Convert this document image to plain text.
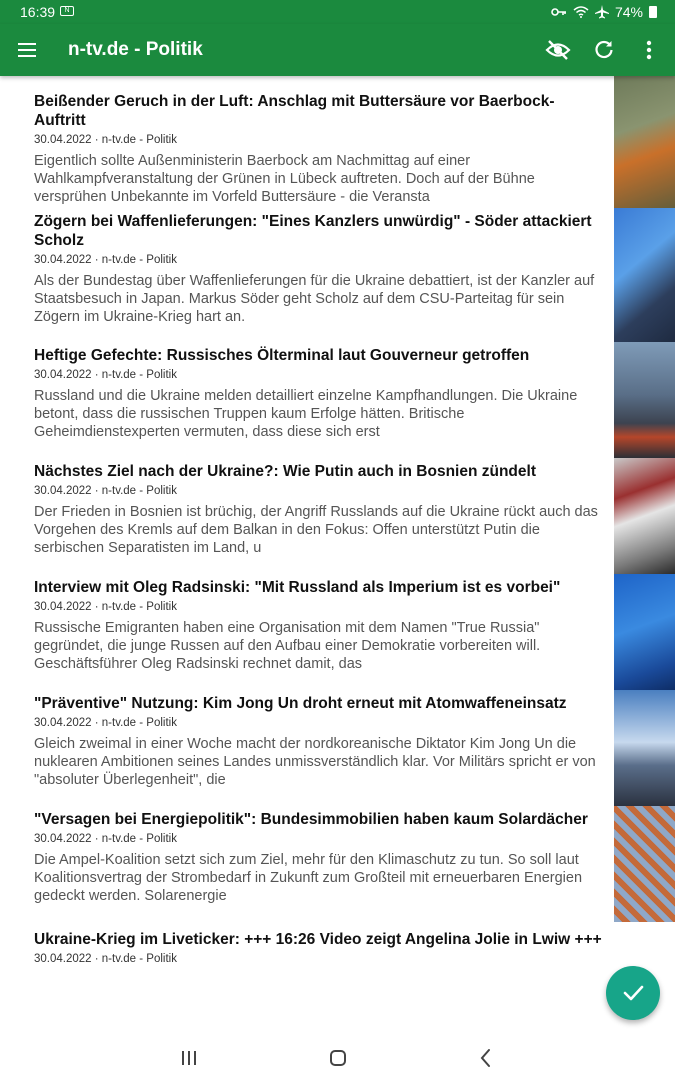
16:39	N	74%
n-tv.de - Politik
Beißender Geruch in der Luft: Anschlag mit Buttersäure vor Baerbock-Auftritt
30.04.2022 · n-tv.de - Politik
Eigentlich sollte Außenministerin Baerbock am Nachmittag auf einer Wahlkampfveranstaltung der Grünen in Lübeck auftreten. Doch auf der Bühne versprühen Unbekannte im Vorfeld Buttersäure - die Veransta
Zögern bei Waffenlieferungen: "Eines Kanzlers unwürdig" - Söder attackiert Scholz
30.04.2022 · n-tv.de - Politik
Als der Bundestag über Waffenlieferungen für die Ukraine debattiert, ist der Kanzler auf Staatsbesuch in Japan. Markus Söder geht Scholz auf dem CSU-Parteitag für sein Zögern im Ukraine-Krieg hart an.
Heftige Gefechte: Russisches Ölterminal laut Gouverneur getroffen
30.04.2022 · n-tv.de - Politik
Russland und die Ukraine melden detailliert einzelne Kampfhandlungen. Die Ukraine betont, dass die russischen Truppen kaum Erfolge hätten. Britische Geheimdienstexperten vermuten, dass diese sich erst
Nächstes Ziel nach der Ukraine?: Wie Putin auch in Bosnien zündelt
30.04.2022 · n-tv.de - Politik
Der Frieden in Bosnien ist brüchig, der Angriff Russlands auf die Ukraine rückt auch das Vorgehen des Kremls auf dem Balkan in den Fokus: Offen unterstützt Putin die serbischen Separatisten im Land, u
Interview mit Oleg Radsinski: "Mit Russland als Imperium ist es vorbei"
30.04.2022 · n-tv.de - Politik
Russische Emigranten haben eine Organisation mit dem Namen "True Russia" gegründet, die junge Russen auf den Aufbau einer Demokratie vorbereiten will. Geschäftsführer Oleg Radsinski rechnet damit, das
"Präventive" Nutzung: Kim Jong Un droht erneut mit Atomwaffeneinsatz
30.04.2022 · n-tv.de - Politik
Gleich zweimal in einer Woche macht der nordkoreanische Diktator Kim Jong Un die nuklearen Ambitionen seines Landes unmissverständlich klar. Vor Militärs spricht er von "absoluter Überlegenheit", die
"Versagen bei Energiepolitik": Bundesimmobilien haben kaum Solardächer
30.04.2022 · n-tv.de - Politik
Die Ampel-Koalition setzt sich zum Ziel, mehr für den Klimaschutz zu tun. So soll laut Koalitionsvertrag der Strombedarf in Zukunft zum Großteil mit erneuerbaren Energien gedeckt werden. Solarenergie
Ukraine-Krieg im Liveticker: +++ 16:26 Video zeigt Angelina Jolie in Lwiw +++
30.04.2022 · n-tv.de - Politik
